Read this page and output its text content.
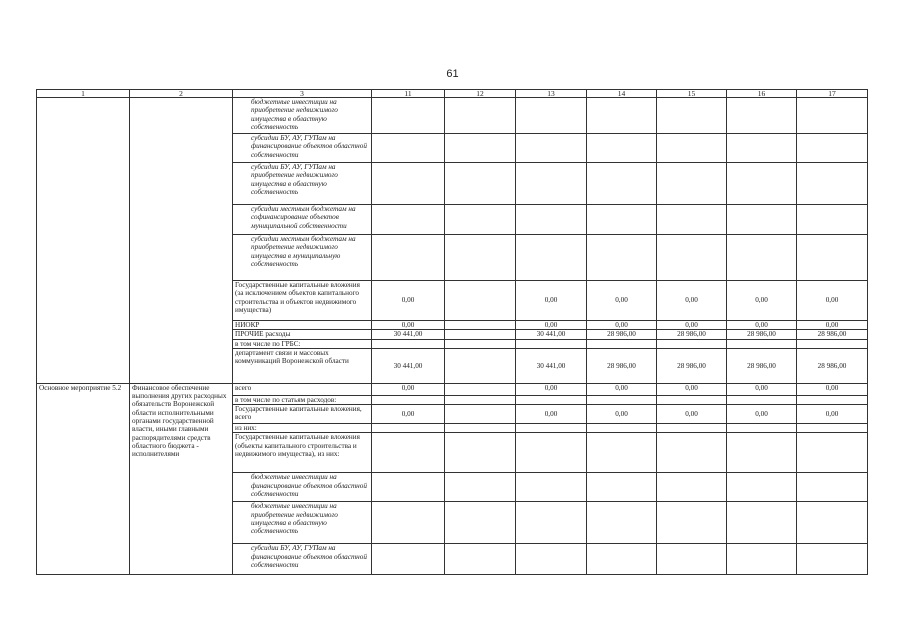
61
1	2	3	11	12	13	14	15	16	17
		бюджетные инвестиции на приобретение недвижимого имущества в областную собственность							
		субсидии БУ, АУ, ГУПам на финансирование объектов областной собственности							
		субсидии БУ, АУ, ГУПам на приобретение недвижимого имущества в областную собственность							
		субсидии местным бюджетам на софинансирование объектов муниципальной собственности							
		субсидии местным бюджетам на приобретение недвижимого имущества в муниципальную собственность							
		Государственные капитальные вложения (за исключением объектов капитального строительства и объектов недвижимого имущества)	0,00		0,00	0,00	0,00	0,00	0,00
		НИОКР	0,00		0,00	0,00	0,00	0,00	0,00
		ПРОЧИЕ расходы	30 441,00		30 441,00	28 986,00	28 986,00	28 986,00	28 986,00
		в том числе по ГРБС:							
		департамент связи и массовых коммуникаций Воронежской области	30 441,00		30 441,00	28 986,00	28 986,00	28 986,00	28 986,00
Основное мероприятие 5.2	Финансовое обеспечение выполнения других расходных обязательств Воронежской области исполнительными органами государственной власти, иными главными распорядителями средств областного бюджета - исполнителями	всего	0,00		0,00	0,00	0,00	0,00	0,00
		в том числе по статьям расходов:							
		Государственные капитальные вложения, всего	0,00		0,00	0,00	0,00	0,00	0,00
		из них:							
		Государственные капитальные вложения (объекты капитального строительства и недвижимого имущества), из них:							
		бюджетные инвестиции на финансирование объектов областной собственности							
		бюджетные инвестиции на приобретение недвижимого имущества в областную собственность							
		субсидии БУ, АУ, ГУПам на финансирование объектов областной собственности							
